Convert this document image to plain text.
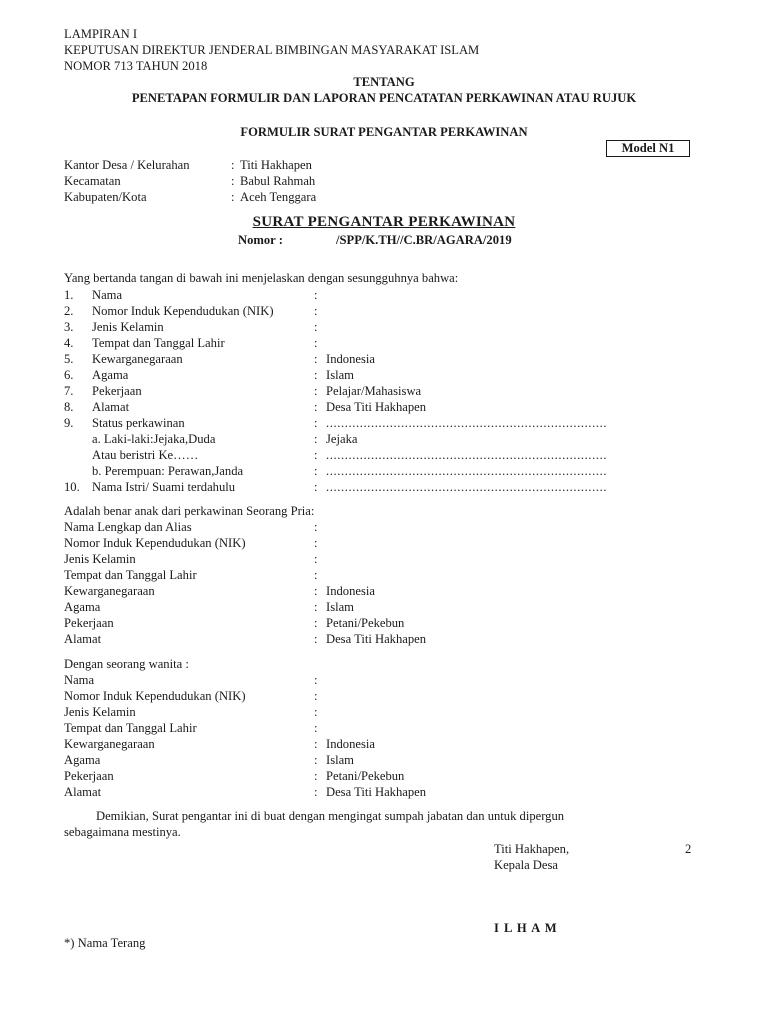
LAMPIRAN I
KEPUTUSAN DIREKTUR JENDERAL BIMBINGAN MASYARAKAT ISLAM
NOMOR 713 TAHUN 2018
TENTANG
PENETAPAN FORMULIR DAN LAPORAN PENCATATAN PERKAWINAN ATAU RUJUK
FORMULIR SURAT PENGANTAR PERKAWINAN
Model N1
Kantor Desa / Kelurahan	: Titi Hakhapen
Kecamatan	: Babul Rahmah
Kabupaten/Kota	: Aceh Tenggara
SURAT PENGANTAR PERKAWINAN
Nomor :	/SPP/K.TH//C.BR/AGARA/2019
Yang bertanda tangan di bawah ini menjelaskan dengan sesungguhnya bahwa:
1. Nama	:
2. Nomor Induk Kependudukan (NIK)	:
3. Jenis Kelamin	:
4. Tempat dan Tanggal Lahir	:
5. Kewarganegaraan	: Indonesia
6. Agama	: Islam
7. Pekerjaan	: Pelajar/Mahasiswa
8. Alamat	: Desa Titi Hakhapen
9. Status perkawinan	: ...........................................................................
a. Laki-laki:Jejaka,Duda	: Jejaka
Atau beristri Ke……	: ...........................................................................
b. Perempuan: Perawan,Janda	: ...........................................................................
10. Nama Istri/ Suami terdahulu	: ...........................................................................
Adalah benar anak dari perkawinan Seorang Pria:
Nama Lengkap dan Alias	:
Nomor Induk Kependudukan (NIK)	:
Jenis Kelamin	:
Tempat dan Tanggal Lahir	:
Kewarganegaraan	: Indonesia
Agama	: Islam
Pekerjaan	: Petani/Pekebun
Alamat	: Desa Titi Hakhapen
Dengan seorang wanita :
Nama	:
Nomor Induk Kependudukan (NIK)	:
Jenis Kelamin	:
Tempat dan Tanggal Lahir	:
Kewarganegaraan	: Indonesia
Agama	: Islam
Pekerjaan	: Petani/Pekebun
Alamat	: Desa Titi Hakhapen
Demikian, Surat pengantar ini di buat dengan mengingat sumpah jabatan dan untuk dipergun
sebagaimana mestinya.
Titi Hakhapen,	2
Kepala Desa
I L H A M
*) Nama Terang
